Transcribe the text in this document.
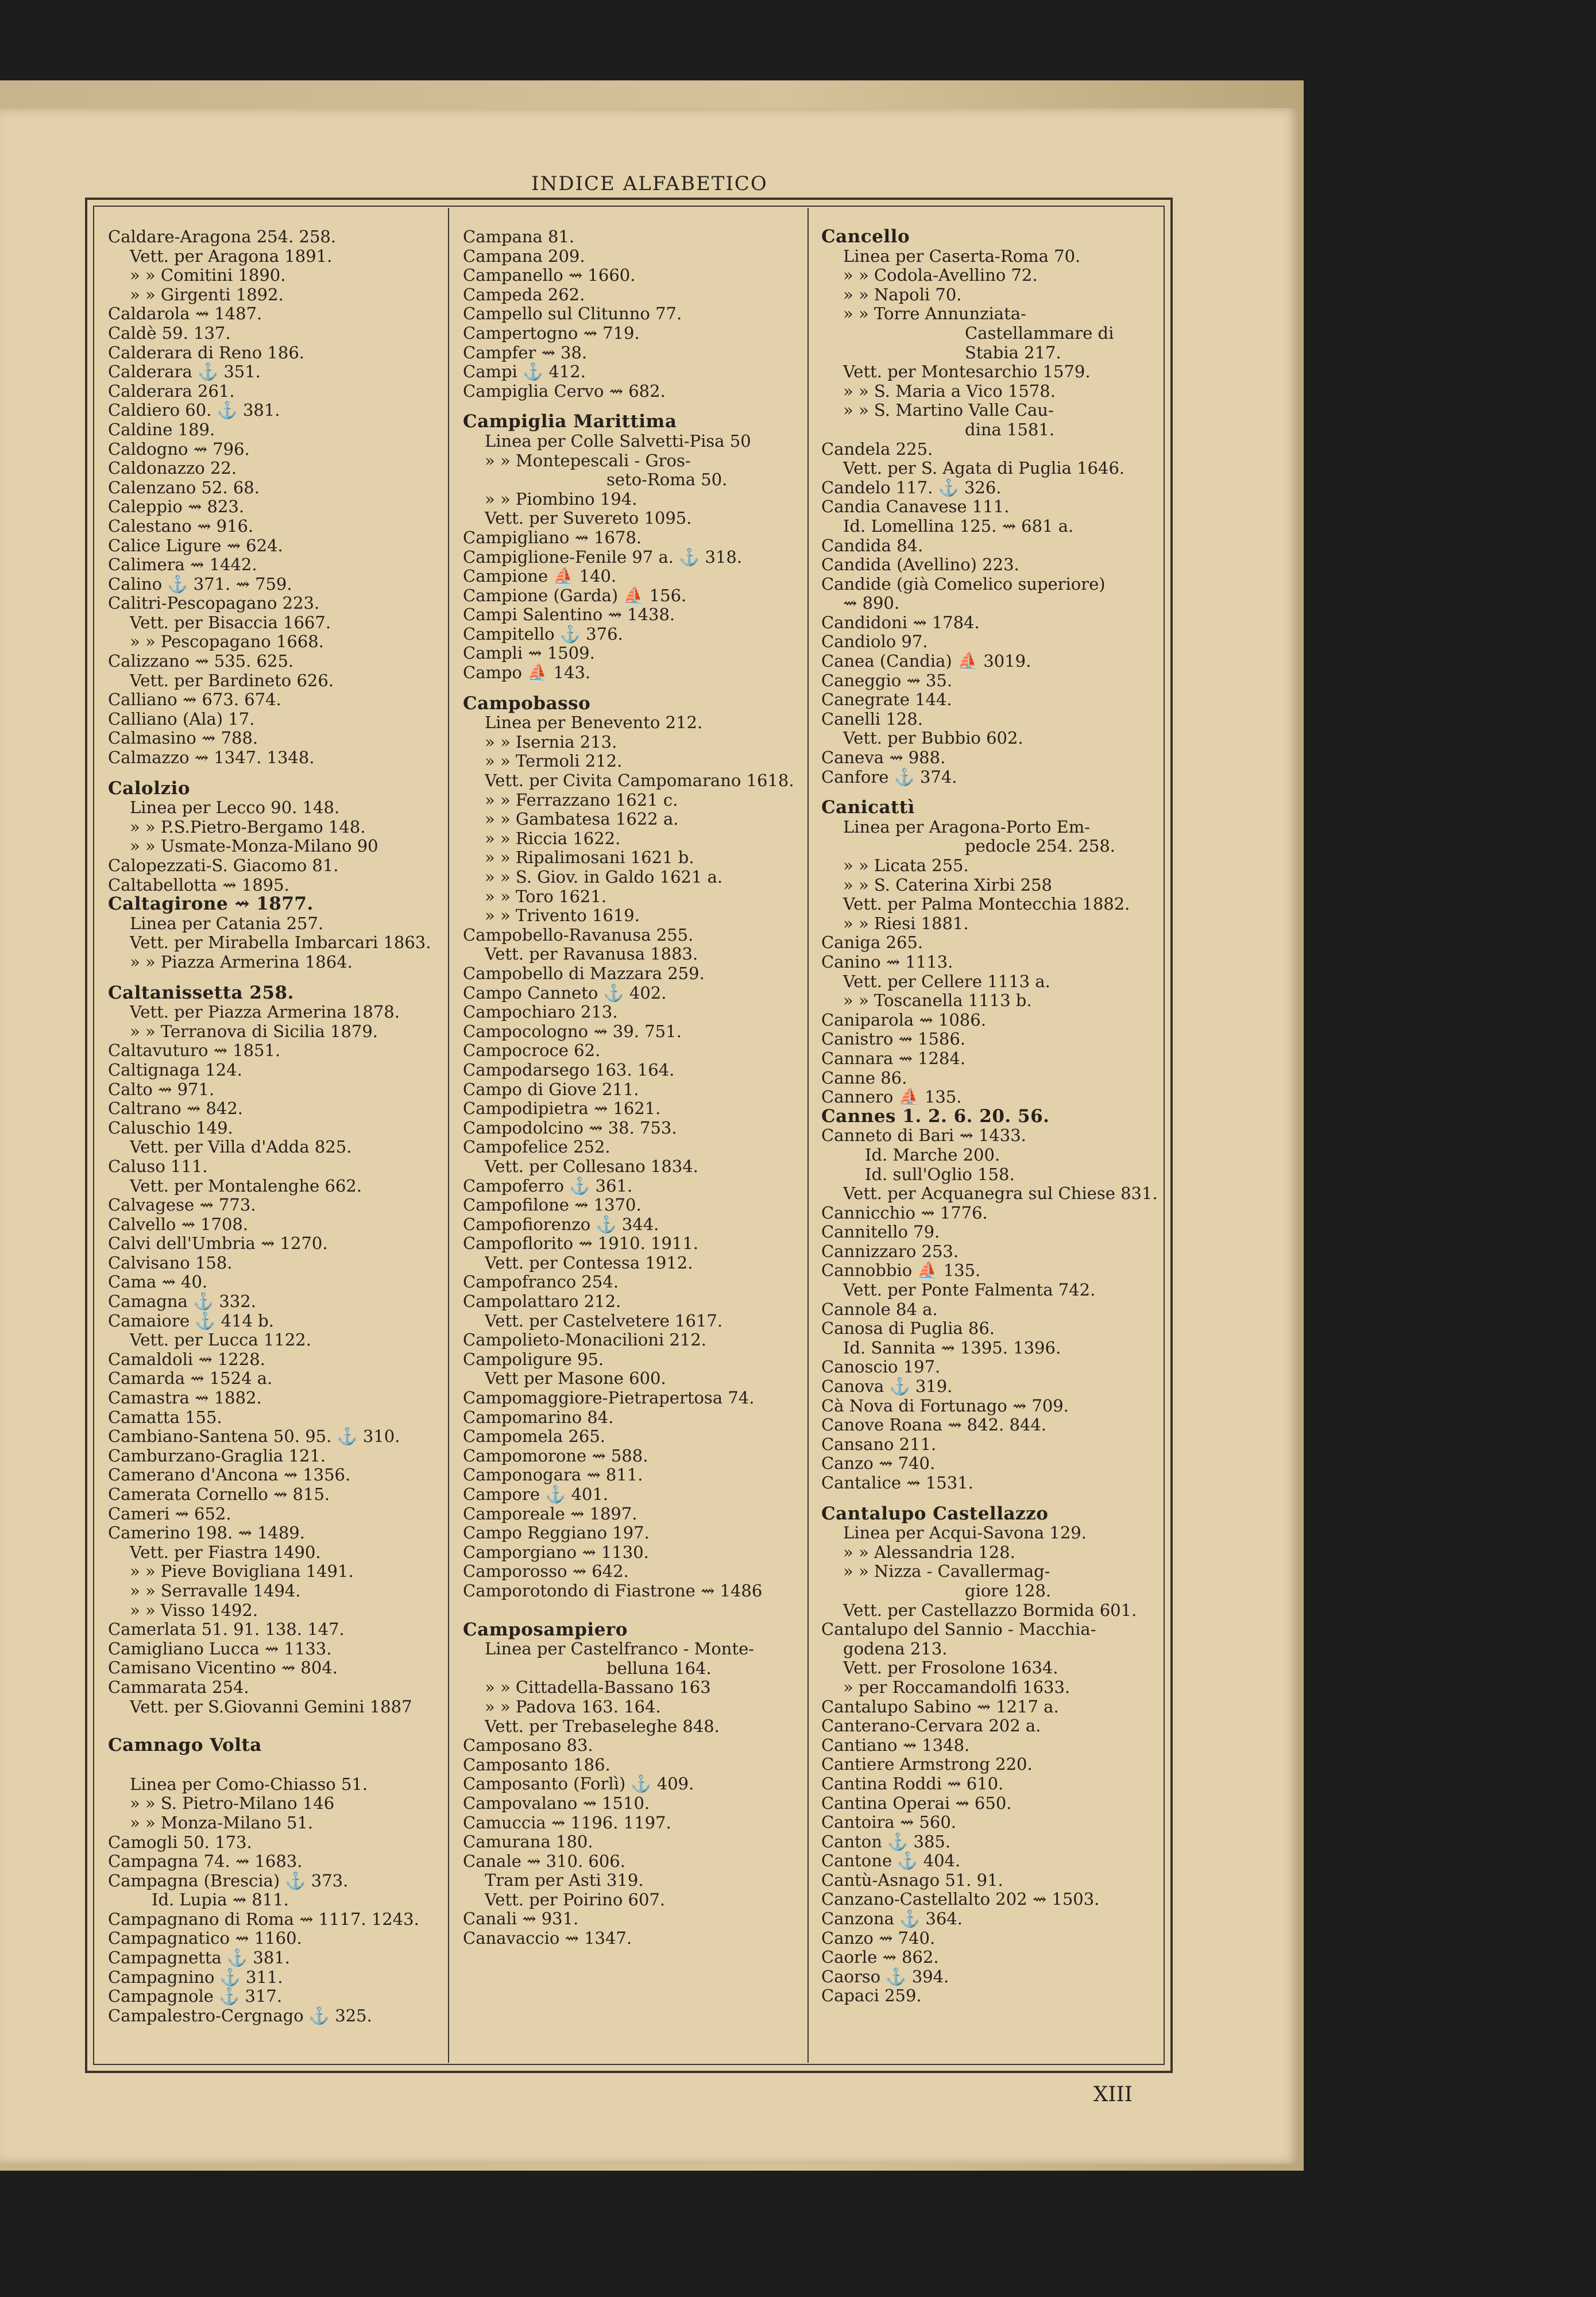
INDICE ALFABETICO
Caldare-Aragona 254. 258.
Vett. per Aragona 1891.
» » Comitini 1890.
» » Girgenti 1892.
Caldarola ⇝ 1487.
Caldè 59. 137.
Calderara di Reno 186.
Calderara ⚓ 351.
Calderara 261.
Caldiero 60. ⚓ 381.
Caldine 189.
Caldogno ⇝ 796.
Caldonazzo 22.
Calenzano 52. 68.
Caleppio ⇝ 823.
Calestano ⇝ 916.
Calice Ligure ⇝ 624.
Calimera ⇝ 1442.
Calino ⚓ 371. ⇝ 759.
Calitri-Pescopagano 223.
Vett. per Bisaccia 1667.
» » Pescopagano 1668.
Calizzano ⇝ 535. 625.
Vett. per Bardineto 626.
Calliano ⇝ 673. 674.
Calliano (Ala) 17.
Calmasino ⇝ 788.
Calmazzo ⇝ 1347. 1348.
Calolzio
Linea per Lecco 90. 148.
» » P.S.Pietro-Bergamo 148.
» » Usmate-Monza-Milano 90
Calopezzati-S. Giacomo 81.
Caltabellotta ⇝ 1895.
Caltagirone ⇝ 1877.
Linea per Catania 257.
Vett. per Mirabella Imbarcari 1863.
» » Piazza Armerina 1864.
Caltanissetta 258.
Vett. per Piazza Armerina 1878.
» » Terranova di Sicilia 1879.
Caltavuturo ⇝ 1851.
Caltignaga 124.
Calto ⇝ 971.
Caltrano ⇝ 842.
Caluschio 149.
Vett. per Villa d'Adda 825.
Caluso 111.
Vett. per Montalenghe 662.
Calvagese ⇝ 773.
Calvello ⇝ 1708.
Calvi dell'Umbria ⇝ 1270.
Calvisano 158.
Cama ⇝ 40.
Camagna ⚓ 332.
Camaiore ⚓ 414 b.
Vett. per Lucca 1122.
Camaldoli ⇝ 1228.
Camarda ⇝ 1524 a.
Camastra ⇝ 1882.
Camatta 155.
Cambiano-Santena 50. 95. ⚓ 310.
Camburzano-Graglia 121.
Camerano d'Ancona ⇝ 1356.
Camerata Cornello ⇝ 815.
Cameri ⇝ 652.
Camerino 198. ⇝ 1489.
Vett. per Fiastra 1490.
» » Pieve Bovigliana 1491.
» » Serravalle 1494.
» » Visso 1492.
Camerlata 51. 91. 138. 147.
Camigliano Lucca ⇝ 1133.
Camisano Vicentino ⇝ 804.
Cammarata 254.
Vett. per S.Giovanni Gemini 1887
Camnago Volta
Linea per Como-Chiasso 51.
» » S. Pietro-Milano 146
» » Monza-Milano 51.
Camogli 50. 173.
Campagna 74. ⇝ 1683.
Campagna (Brescia) ⚓ 373.
Id. Lupia ⇝ 811.
Campagnano di Roma ⇝ 1117. 1243.
Campagnatico ⇝ 1160.
Campagnetta ⚓ 381.
Campagnino ⚓ 311.
Campagnole ⚓ 317.
Campalestro-Cergnago ⚓ 325.
Campana 81.
Campana 209.
Campanello ⇝ 1660.
Campeda 262.
Campello sul Clitunno 77.
Campertogno ⇝ 719.
Campfer ⇝ 38.
Campi ⚓ 412.
Campiglia Cervo ⇝ 682.
Campiglia Marittima
Linea per Colle Salvetti-Pisa 50
» » Montepescali - Gros-
seto-Roma 50.
» » Piombino 194.
Vett. per Suvereto 1095.
Campigliano ⇝ 1678.
Campiglione-Fenile 97 a. ⚓ 318.
Campione ⛵ 140.
Campione (Garda) ⛵ 156.
Campi Salentino ⇝ 1438.
Campitello ⚓ 376.
Campli ⇝ 1509.
Campo ⛵ 143.
Campobasso
Linea per Benevento 212.
» » Isernia 213.
» » Termoli 212.
Vett. per Civita Campomarano 1618.
» » Ferrazzano 1621 c.
» » Gambatesa 1622 a.
» » Riccia 1622.
» » Ripalimosani 1621 b.
» » S. Giov. in Galdo 1621 a.
» » Toro 1621.
» » Trivento 1619.
Campobello-Ravanusa 255.
Vett. per Ravanusa 1883.
Campobello di Mazzara 259.
Campo Canneto ⚓ 402.
Campochiaro 213.
Campocologno ⇝ 39. 751.
Campocroce 62.
Campodarsego 163. 164.
Campo di Giove 211.
Campodipietra ⇝ 1621.
Campodolcino ⇝ 38. 753.
Campofelice 252.
Vett. per Collesano 1834.
Campoferro ⚓ 361.
Campofilone ⇝ 1370.
Campofiorenzo ⚓ 344.
Campoflorito ⇝ 1910. 1911.
Vett. per Contessa 1912.
Campofranco 254.
Campolattaro 212.
Vett. per Castelvetere 1617.
Campolieto-Monacilioni 212.
Campoligure 95.
Vett per Masone 600.
Campomaggiore-Pietrapertosa 74.
Campomarino 84.
Campomela 265.
Campomorone ⇝ 588.
Camponogara ⇝ 811.
Campore ⚓ 401.
Camporeale ⇝ 1897.
Campo Reggiano 197.
Camporgiano ⇝ 1130.
Camporosso ⇝ 642.
Camporotondo di Fiastrone ⇝ 1486
Camposampiero
Linea per Castelfranco - Monte-
belluna 164.
» » Cittadella-Bassano 163
» » Padova 163. 164.
Vett. per Trebaseleghe 848.
Camposano 83.
Camposanto 186.
Camposanto (Forlì) ⚓ 409.
Campovalano ⇝ 1510.
Camuccia ⇝ 1196. 1197.
Camurana 180.
Canale ⇝ 310. 606.
Tram per Asti 319.
Vett. per Poirino 607.
Canali ⇝ 931.
Canavaccio ⇝ 1347.
Cancello
Linea per Caserta-Roma 70.
» » Codola-Avellino 72.
» » Napoli 70.
» » Torre Annunziata-
Castellammare di
Stabia 217.
Vett. per Montesarchio 1579.
» » S. Maria a Vico 1578.
» » S. Martino Valle Cau-
dina 1581.
Candela 225.
Vett. per S. Agata di Puglia 1646.
Candelo 117. ⚓ 326.
Candia Canavese 111.
Id. Lomellina 125. ⇝ 681 a.
Candida 84.
Candida (Avellino) 223.
Candide (già Comelico superiore)
⇝ 890.
Candidoni ⇝ 1784.
Candiolo 97.
Canea (Candia) ⛵ 3019.
Caneggio ⇝ 35.
Canegrate 144.
Canelli 128.
Vett. per Bubbio 602.
Caneva ⇝ 988.
Canfore ⚓ 374.
Canicattì
Linea per Aragona-Porto Em-
pedocle 254. 258.
» » Licata 255.
» » S. Caterina Xirbi 258
Vett. per Palma Montecchia 1882.
» » Riesi 1881.
Caniga 265.
Canino ⇝ 1113.
Vett. per Cellere 1113 a.
» » Toscanella 1113 b.
Caniparola ⇝ 1086.
Canistro ⇝ 1586.
Cannara ⇝ 1284.
Canne 86.
Cannero ⛵ 135.
Cannes 1. 2. 6. 20. 56.
Canneto di Bari ⇝ 1433.
Id. Marche 200.
Id. sull'Oglio 158.
Vett. per Acquanegra sul Chiese 831.
Cannicchio ⇝ 1776.
Cannitello 79.
Cannizzaro 253.
Cannobbio ⛵ 135.
Vett. per Ponte Falmenta 742.
Cannole 84 a.
Canosa di Puglia 86.
Id. Sannita ⇝ 1395. 1396.
Canoscio 197.
Canova ⚓ 319.
Cà Nova di Fortunago ⇝ 709.
Canove Roana ⇝ 842. 844.
Cansano 211.
Canzo ⇝ 740.
Cantalice ⇝ 1531.
Cantalupo Castellazzo
Linea per Acqui-Savona 129.
» » Alessandria 128.
» » Nizza - Cavallermag-
giore 128.
Vett. per Castellazzo Bormida 601.
Cantalupo del Sannio - Macchia-
godena 213.
Vett. per Frosolone 1634.
» per Roccamandolfi 1633.
Cantalupo Sabino ⇝ 1217 a.
Canterano-Cervara 202 a.
Cantiano ⇝ 1348.
Cantiere Armstrong 220.
Cantina Roddi ⇝ 610.
Cantina Operai ⇝ 650.
Cantoira ⇝ 560.
Canton ⚓ 385.
Cantone ⚓ 404.
Cantù-Asnago 51. 91.
Canzano-Castellalto 202 ⇝ 1503.
Canzona ⚓ 364.
Canzo ⇝ 740.
Caorle ⇝ 862.
Caorso ⚓ 394.
Capaci 259.
XIII
